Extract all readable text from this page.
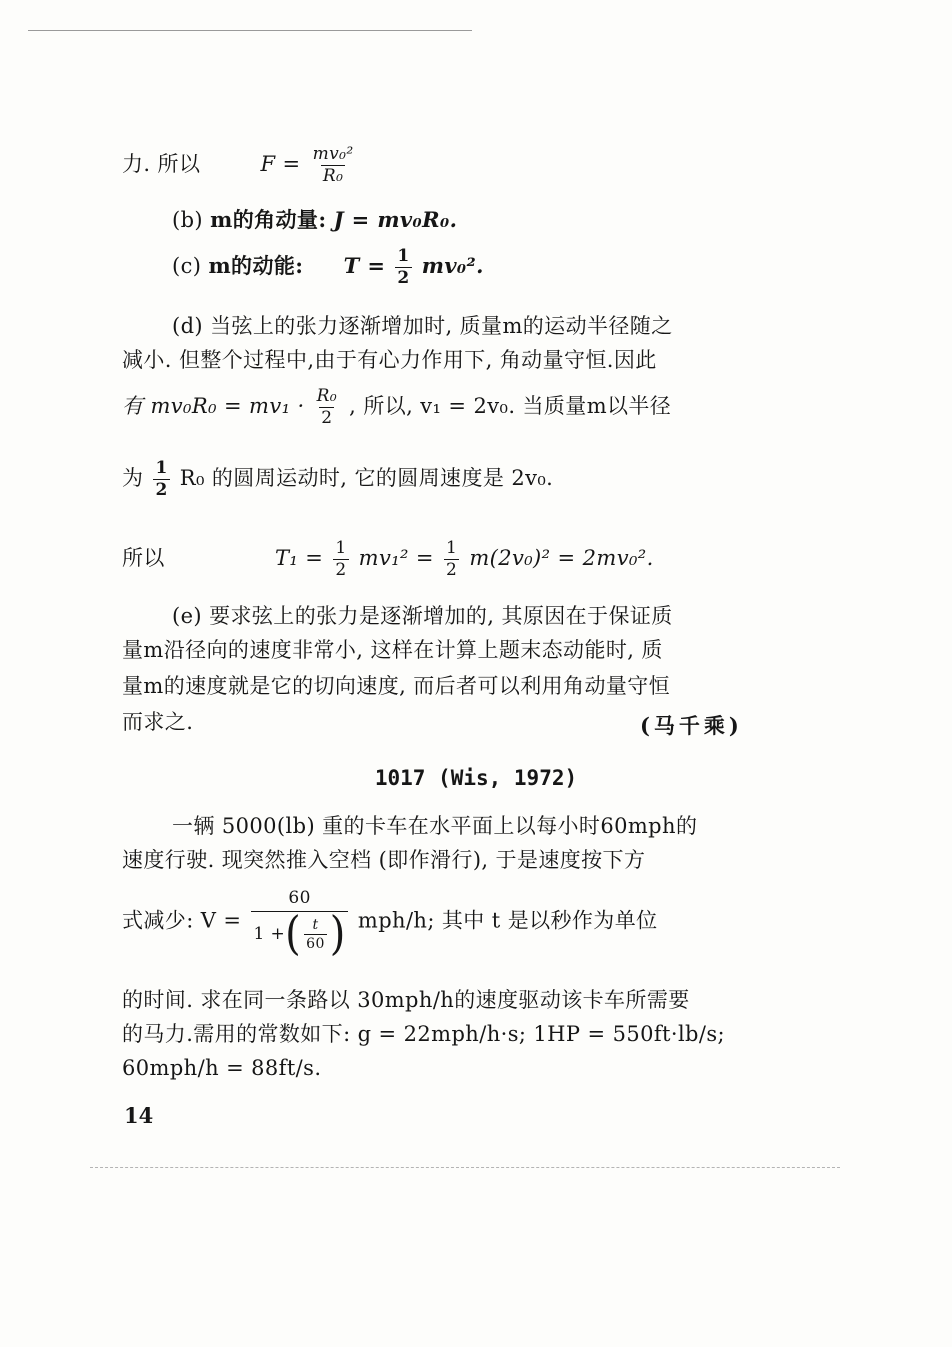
力. 所以	$F = \frac{\text{mv₀²}}{\text{R₀}}$
(b) m的角动量: J = mv₀R₀.
(c) m的动能: $T = \frac{1}{2} mv_0^2$.
(d) 当弦上的张力逐渐增加时, 质量m的运动半径随之
减小. 但整个过程中,由于有心力作用下, 角动量守恒.因此
有 $mv_0R_0 = mv_1 \cdot \frac{\text{R₀}}{2}$ , 所以, v₁ = 2v₀. 当质量m以半径
为 $\frac{1}{2} R_0$ 的圆周运动时, 它的圆周速度是 2v₀.
所以	$T_1 = \frac{1}{2} mv_1^2 = \frac{1}{2} m(2v_0)^2 = 2mv_0^2$.
(e) 要求弦上的张力是逐渐增加的, 其原因在于保证质
量m沿径向的速度非常小, 这样在计算上题末态动能时, 质
量m的速度就是它的切向速度, 而后者可以利用角动量守恒
而求之.	(马千乘)
1017 (Wis, 1972)
一辆 5000(lb) 重的卡车在水平面上以每小时60mph的
速度行驶. 现突然推入空档 (即作滑行), 于是速度按下方
式减少: $V = \frac{60}{1 + ( \frac{t}{60} )} mph/h$; 其中 t 是以秒作为单位
的时间. 求在同一条路以 30mph/h的速度驱动该卡车所需要
的马力.需用的常数如下: g = 22mph/h·s; 1HP = 550ft·lb/s;
60mph/h = 88ft/s.
14
